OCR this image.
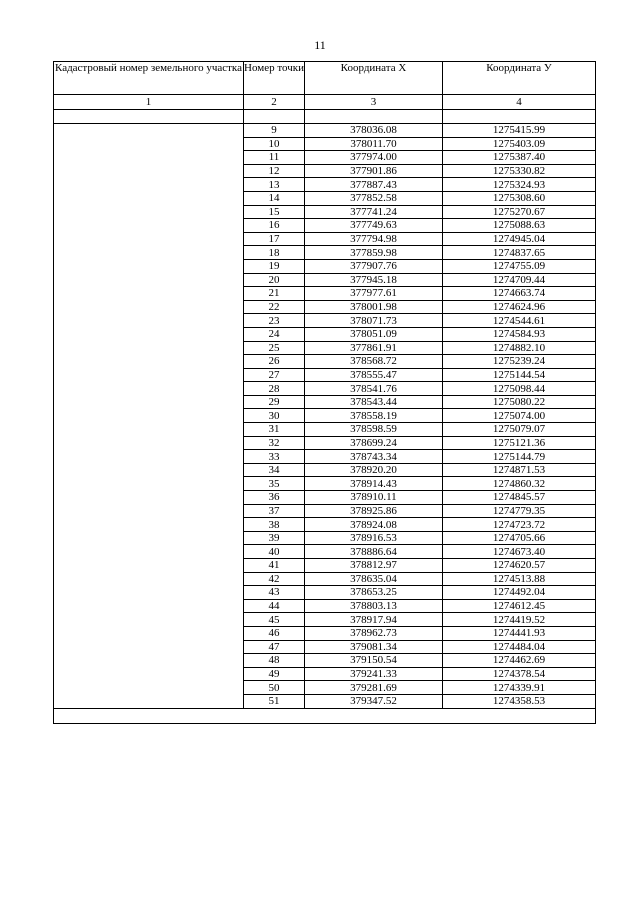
11
Кадастровый номер земельного участка	Номер точки	Координата Х	Координата У
1	2	3	4

	9	378036.08	1275415.99
	10	378011.70	1275403.09
	11	377974.00	1275387.40
	12	377901.86	1275330.82
	13	377887.43	1275324.93
	14	377852.58	1275308.60
	15	377741.24	1275270.67
	16	377749.63	1275088.63
	17	377794.98	1274945.04
	18	377859.98	1274837.65
	19	377907.76	1274755.09
	20	377945.18	1274709.44
	21	377977.61	1274663.74
	22	378001.98	1274624.96
	23	378071.73	1274544.61
	24	378051.09	1274584.93
	25	377861.91	1274882.10
	26	378568.72	1275239.24
	27	378555.47	1275144.54
	28	378541.76	1275098.44
	29	378543.44	1275080.22
	30	378558.19	1275074.00
	31	378598.59	1275079.07
	32	378699.24	1275121.36
	33	378743.34	1275144.79
	34	378920.20	1274871.53
	35	378914.43	1274860.32
	36	378910.11	1274845.57
	37	378925.86	1274779.35
	38	378924.08	1274723.72
	39	378916.53	1274705.66
	40	378886.64	1274673.40
	41	378812.97	1274620.57
	42	378635.04	1274513.88
	43	378653.25	1274492.04
	44	378803.13	1274612.45
	45	378917.94	1274419.52
	46	378962.73	1274441.93
	47	379081.34	1274484.04
	48	379150.54	1274462.69
	49	379241.33	1274378.54
	50	379281.69	1274339.91
	51	379347.52	1274358.53
